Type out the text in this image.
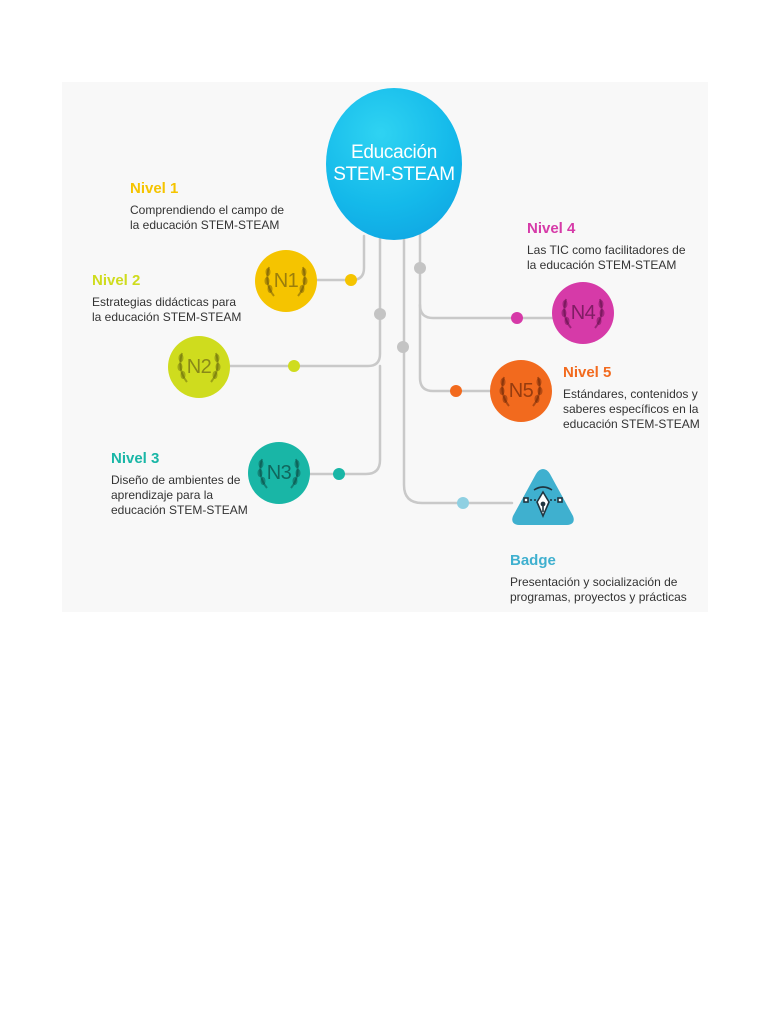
Educación
STEM-STEAM
N1
N2
N3
N4
N5
Nivel 1
Comprendiendo el campo de
la educación STEM-STEAM
Nivel 2
Estrategias didácticas para
la educación STEM-STEAM
Nivel 3
Diseño de ambientes de
aprendizaje para la
educación STEM-STEAM
Nivel 4
Las TIC como facilitadores de
la educación STEM-STEAM
Nivel 5
Estándares, contenidos y
saberes específicos en la
educación STEM-STEAM
Badge
Presentación y socialización de
programas, proyectos y prácticas
